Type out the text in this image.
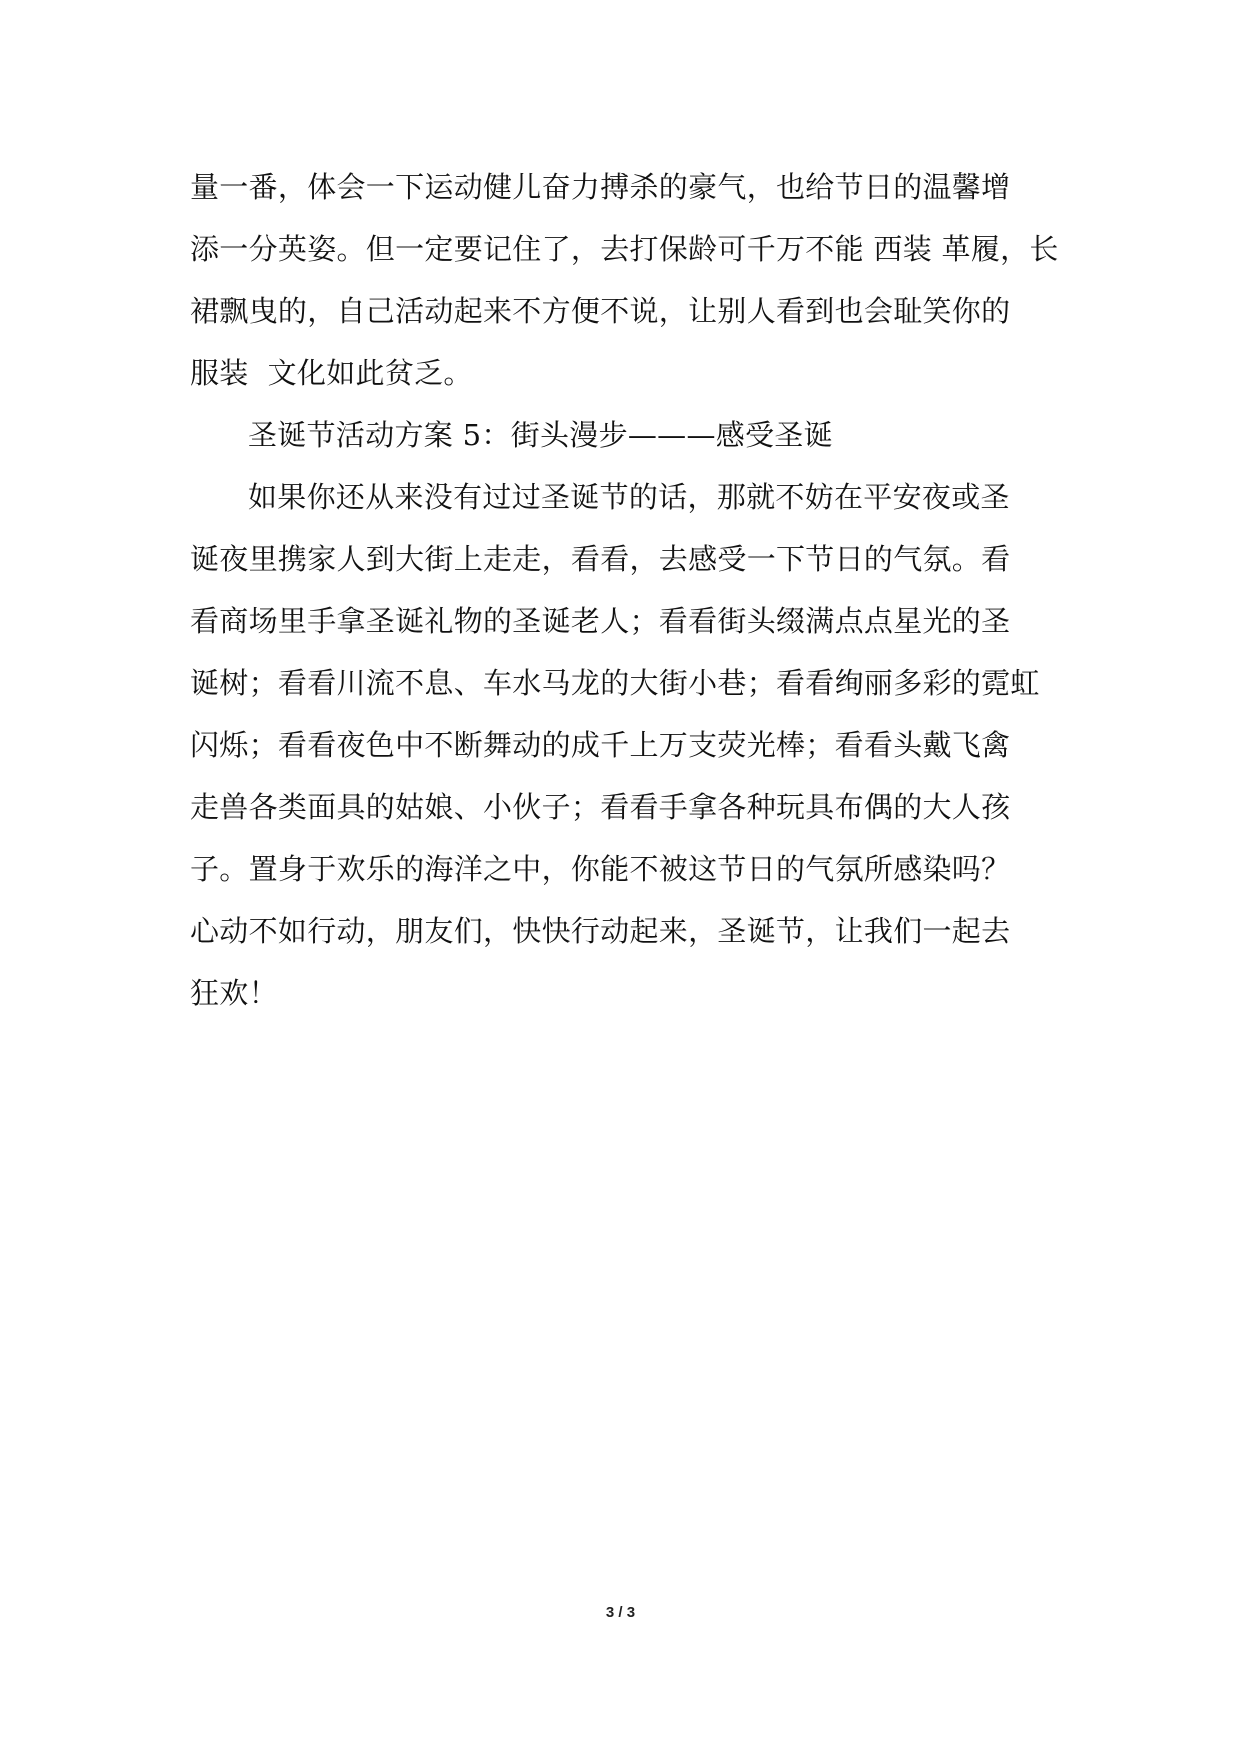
量一番，体会一下运动健儿奋力搏杀的豪气，也给节日的温馨增
添一分英姿。但一定要记住了，去打保龄可千万不能 西装 革履，长
裙飘曳的，自己活动起来不方便不说，让别人看到也会耻笑你的
服装  文化如此贫乏。
圣诞节活动方案 5：街头漫步———感受圣诞
如果你还从来没有过过圣诞节的话，那就不妨在平安夜或圣
诞夜里携家人到大街上走走，看看，去感受一下节日的气氛。看
看商场里手拿圣诞礼物的圣诞老人；看看街头缀满点点星光的圣
诞树；看看川流不息、车水马龙的大街小巷；看看绚丽多彩的霓虹
闪烁；看看夜色中不断舞动的成千上万支荧光棒；看看头戴飞禽
走兽各类面具的姑娘、小伙子；看看手拿各种玩具布偶的大人孩
子。置身于欢乐的海洋之中，你能不被这节日的气氛所感染吗？
心动不如行动，朋友们，快快行动起来，圣诞节，让我们一起去
狂欢！
3 / 3
